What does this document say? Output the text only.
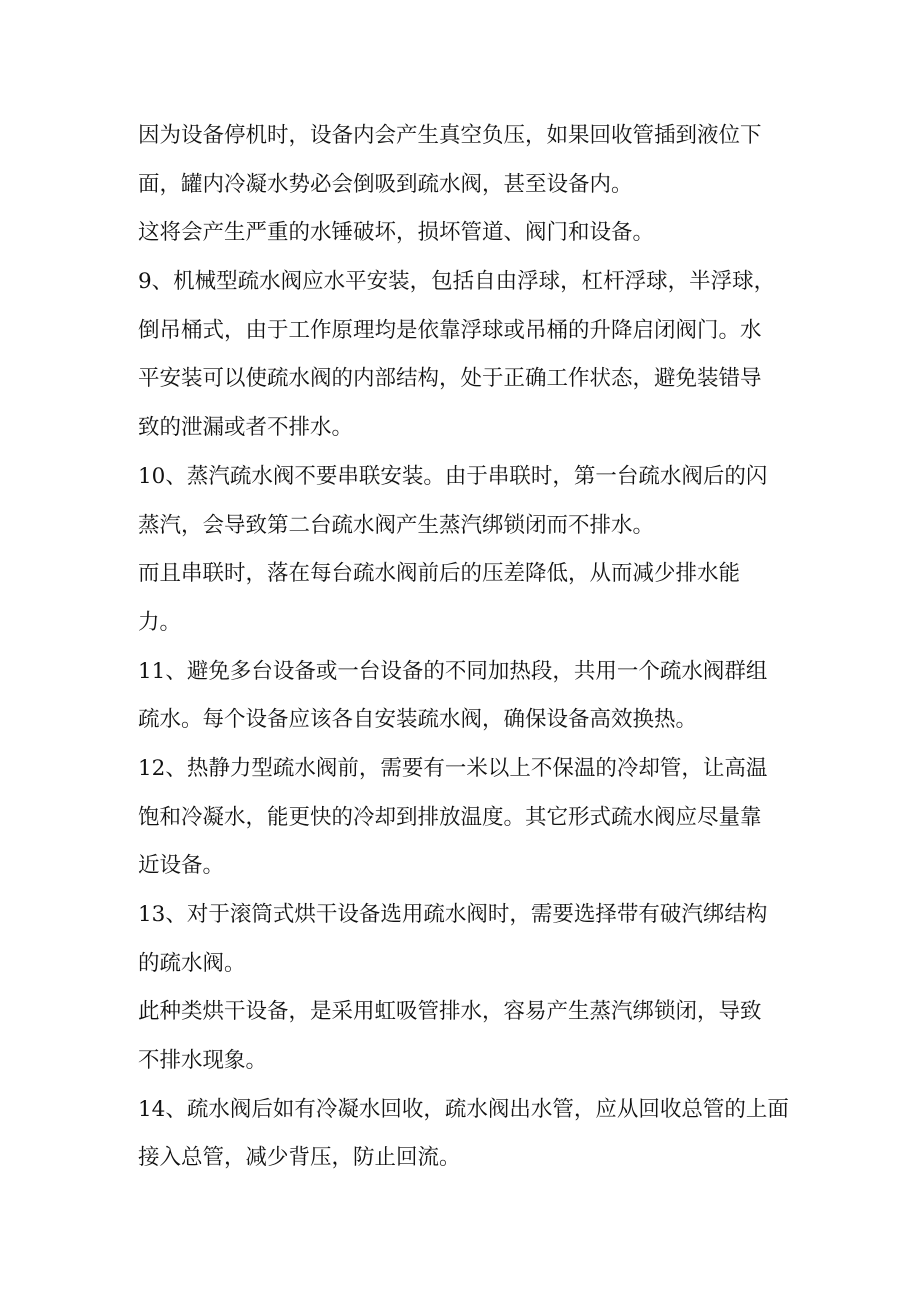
因为设备停机时，设备内会产生真空负压，如果回收管插到液位下
面，罐内冷凝水势必会倒吸到疏水阀，甚至设备内。
这将会产生严重的水锤破坏，损坏管道、阀门和设备。
9、机械型疏水阀应水平安装，包括自由浮球，杠杆浮球，半浮球，
倒吊桶式，由于工作原理均是依靠浮球或吊桶的升降启闭阀门。水
平安装可以使疏水阀的内部结构，处于正确工作状态，避免装错导
致的泄漏或者不排水。
10、蒸汽疏水阀不要串联安装。由于串联时，第一台疏水阀后的闪
蒸汽，会导致第二台疏水阀产生蒸汽绑锁闭而不排水。
而且串联时，落在每台疏水阀前后的压差降低，从而减少排水能
力。
11、避免多台设备或一台设备的不同加热段，共用一个疏水阀群组
疏水。每个设备应该各自安装疏水阀，确保设备高效换热。
12、热静力型疏水阀前，需要有一米以上不保温的冷却管，让高温
饱和冷凝水，能更快的冷却到排放温度。其它形式疏水阀应尽量靠
近设备。
13、对于滚筒式烘干设备选用疏水阀时，需要选择带有破汽绑结构
的疏水阀。
此种类烘干设备，是采用虹吸管排水，容易产生蒸汽绑锁闭，导致
不排水现象。
14、疏水阀后如有冷凝水回收，疏水阀出水管，应从回收总管的上面
接入总管，减少背压，防止回流。
